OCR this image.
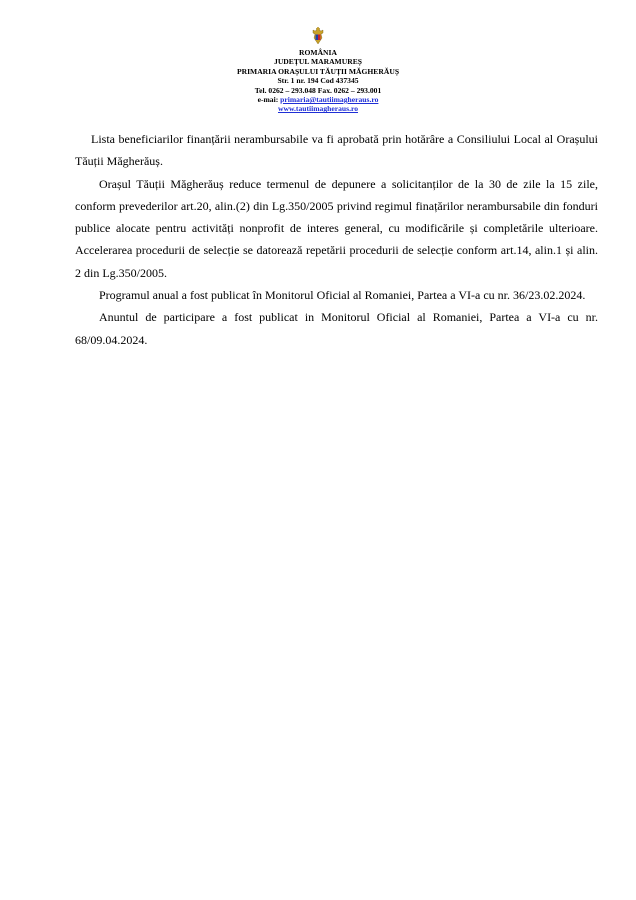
ROMÂNIA
JUDEȚUL MARAMUREȘ
PRIMARIA ORAȘULUI TĂUȚII MĂGHERĂUȘ
Str. 1 nr. 194 Cod 437345
Tel. 0262 – 293.048 Fax. 0262 – 293.001
e-mai: primaria@tautiimagheraus.ro
www.tautiimagheraus.ro

Lista beneficiarilor finanțării nerambursabile va fi aprobată prin hotărâre a Consiliului Local al Orașului Tăuții Măgherăuș.

Orașul Tăuții Măgherăuș reduce termenul de depunere a solicitanților de la 30 de zile la 15 zile, conform prevederilor art.20, alin.(2) din Lg.350/2005 privind regimul finațărilor nerambursabile din fonduri publice alocate pentru activități nonprofit de interes general, cu modificările și completările ulterioare. Accelerarea procedurii de selecție se datorează repetării procedurii de selecție conform art.14, alin.1 și alin. 2 din Lg.350/2005.

Programul anual a fost publicat în Monitorul Oficial al Romaniei, Partea a VI-a cu nr. 36/23.02.2024.

Anuntul de participare a fost publicat in Monitorul Oficial al Romaniei, Partea a VI-a cu nr. 68/09.04.2024.
